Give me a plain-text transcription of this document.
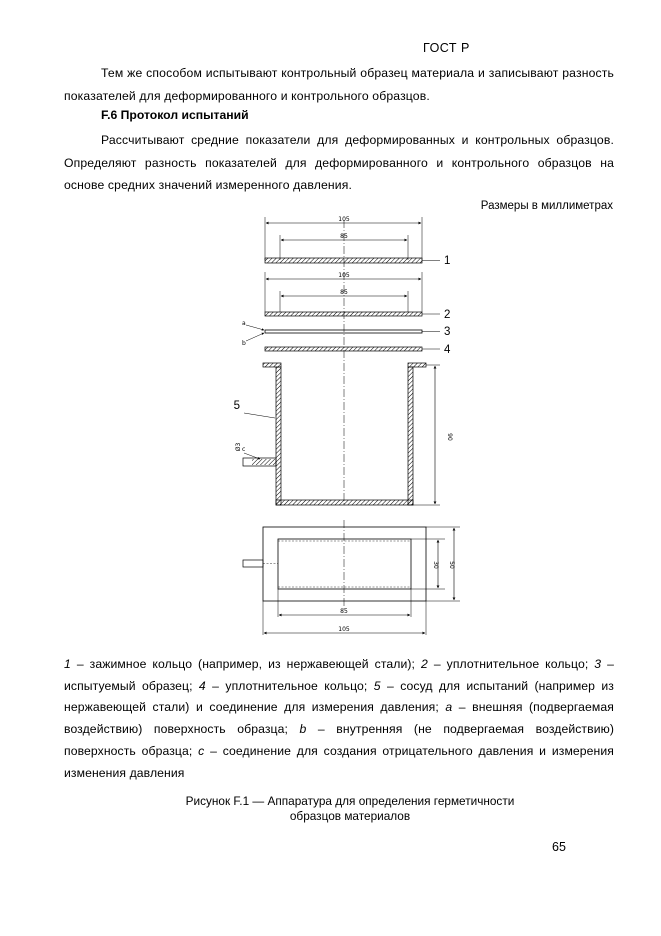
ГОСТ Р
Тем же способом испытывают контрольный образец материала и записывают разность показателей для деформированного и контрольного образцов.
F.6 Протокол испытаний
Рассчитывают средние показатели для деформированных и контрольных образцов. Определяют разность показателей для деформированного и контрольного образцов на основе средних значений измеренного давления.
Размеры в миллиметрах
105
85
1
105
85
2
a
b
3
4
5
Ø3 c
90
30 50
85
105
1 – зажимное кольцо (например, из нержавеющей стали); 2 – уплотнительное кольцо; 3 – испытуемый образец; 4 – уплотнительное кольцо; 5 – сосуд для испытаний (например из нержавеющей стали) и соединение для измерения давления; a – внешняя (подвергаемая воздействию) поверхность образца; b – внутренняя (не подвергаемая воздействию) поверхность образца; c – соединение для создания отрицательного давления и измерения изменения давления
Рисунок F.1 — Аппаратура для определения герметичности
образцов материалов
65
